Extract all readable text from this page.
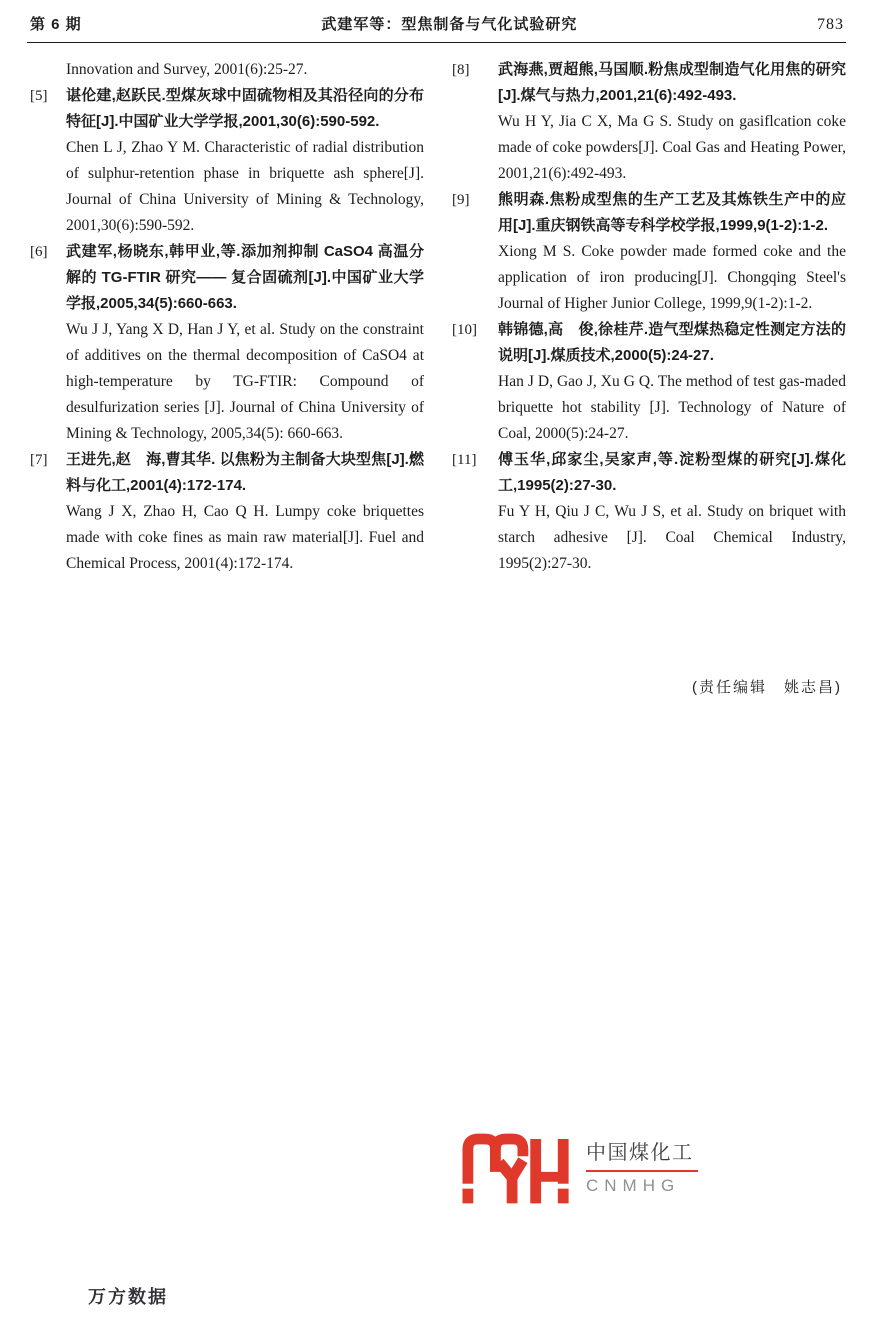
第 6 期	武建军等：型焦制备与气化试验研究	783

Innovation and Survey, 2001(6):25-27.

[5]	谌伦建,赵跃民.型煤灰球中固硫物相及其沿径向的分布特征[J].中国矿业大学学报,2001,30(6):590-592.

Chen L J, Zhao Y M. Characteristic of radial distribution of sulphur-retention phase in briquette ash sphere[J]. Journal of China University of Mining & Technology, 2001,30(6):590-592.

[6]	武建军,杨晓东,韩甲业,等.添加剂抑制 CaSO4 高温分解的 TG-FTIR 研究—— 复合固硫剂[J].中国矿业大学学报,2005,34(5):660-663.

Wu J J, Yang X D, Han J Y, et al. Study on the constraint of additives on the thermal decomposition of CaSO4 at high-temperature by TG-FTIR: Compound of desulfurization series [J]. Journal of China University of Mining & Technology, 2005,34(5): 660-663.

[7]	王进先,赵　海,曹其华. 以焦粉为主制备大块型焦[J].燃料与化工,2001(4):172-174.

Wang J X, Zhao H, Cao Q H. Lumpy coke briquettes made with coke fines as main raw material[J]. Fuel and Chemical Process, 2001(4):172-174.

[8]	武海燕,贾超熊,马国顺.粉焦成型制造气化用焦的研究[J].煤气与热力,2001,21(6):492-493.

Wu H Y, Jia C X, Ma G S. Study on gasiflcation coke made of coke powders[J]. Coal Gas and Heating Power, 2001,21(6):492-493.

[9]	熊明森.焦粉成型焦的生产工艺及其炼铁生产中的应用[J].重庆钢铁高等专科学校学报,1999,9(1-2):1-2.

Xiong M S. Coke powder made formed coke and the application of iron producing[J]. Chongqing Steel's Journal of Higher Junior College, 1999,9(1-2):1-2.

[10]	韩锦德,高　俊,徐桂芹.造气型煤热稳定性测定方法的说明[J].煤质技术,2000(5):24-27.

Han J D, Gao J, Xu G Q. The method of test gas-maded briquette hot stability [J]. Technology of Nature of Coal, 2000(5):24-27.

[11]	傅玉华,邱家尘,吴家声,等.淀粉型煤的研究[J].煤化工,1995(2):27-30.

Fu Y H, Qiu J C, Wu J S, et al. Study on briquet with starch adhesive [J]. Coal Chemical Industry, 1995(2):27-30.

(责任编辑　姚志昌)
中国煤化工
CNMHG
万方数据
